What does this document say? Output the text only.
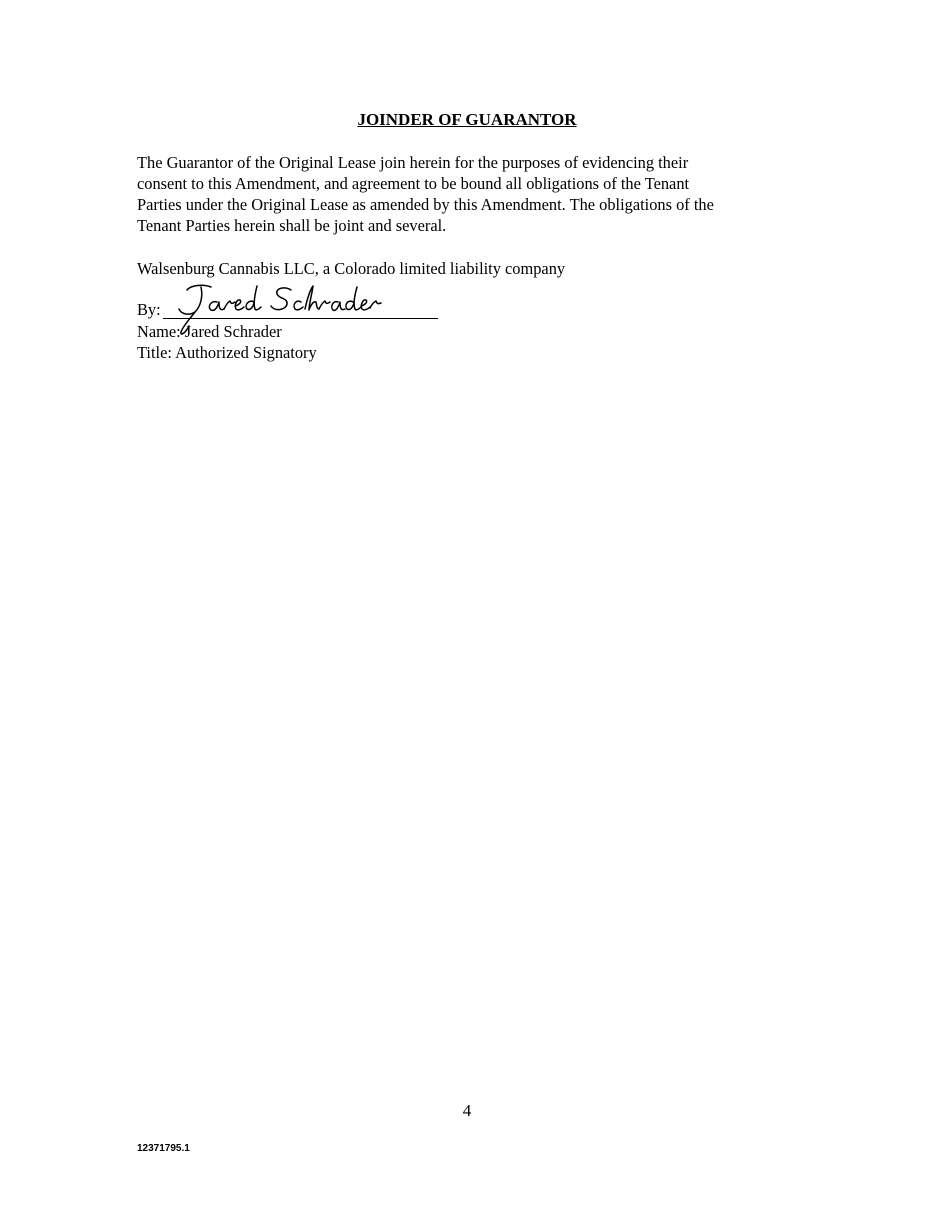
JOINDER OF GUARANTOR
The Guarantor of the Original Lease join herein for the purposes of evidencing their
consent to this Amendment, and agreement to be bound all obligations of the Tenant
Parties under the Original Lease as amended by this Amendment. The obligations of the
Tenant Parties herein shall be joint and several.
Walsenburg Cannabis LLC, a Colorado limited liability company
By:
Name: Jared Schrader
Title: Authorized Signatory
4
12371795.1
